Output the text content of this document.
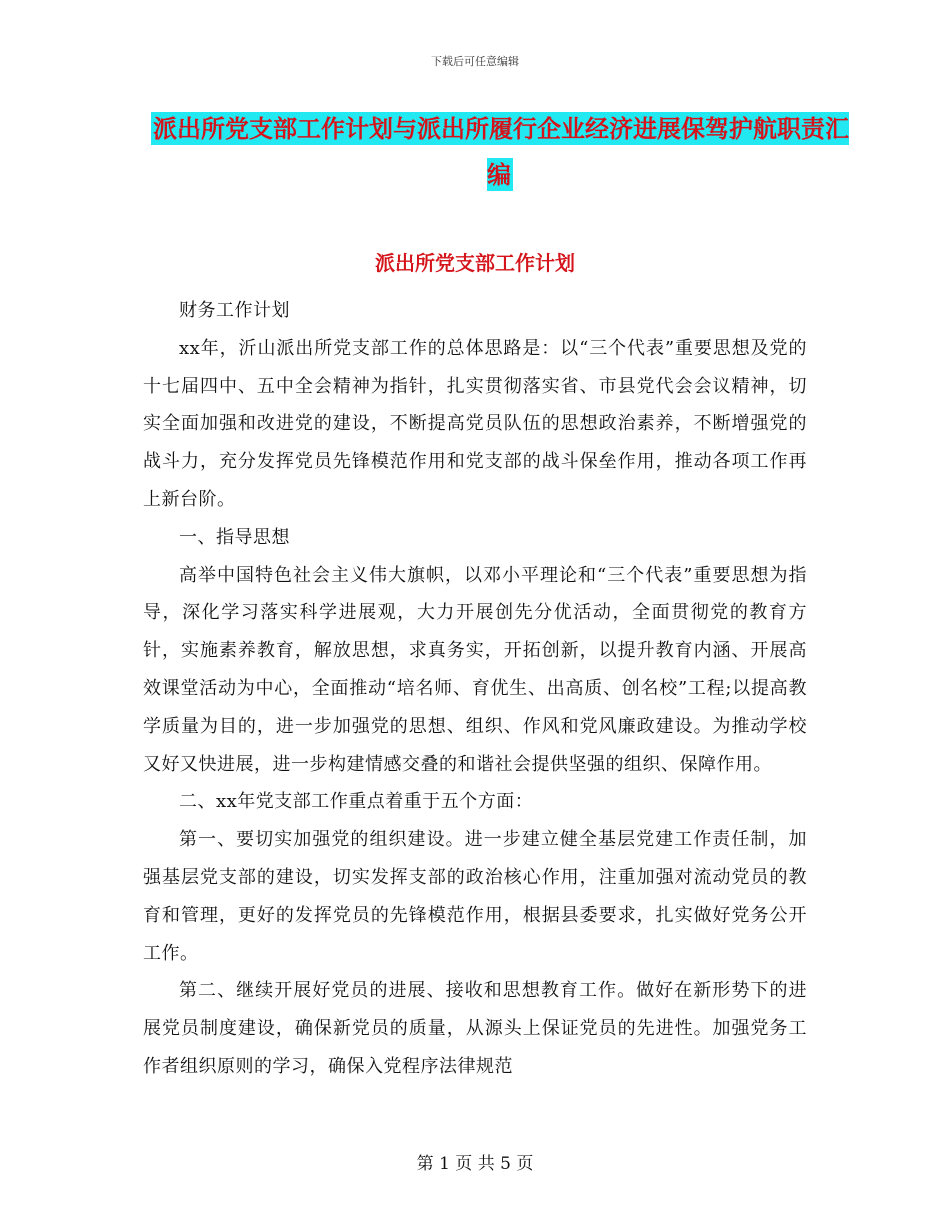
下载后可任意编辑
派出所党支部工作计划与派出所履行企业经济进展保驾护航职责汇编
派出所党支部工作计划

财务工作计划

xx年，沂山派出所党支部工作的总体思路是：以“三个代表”重要思想及党的十七届四中、五中全会精神为指针，扎实贯彻落实省、市县党代会会议精神，切实全面加强和改进党的建设，不断提高党员队伍的思想政治素养，不断增强党的战斗力，充分发挥党员先锋模范作用和党支部的战斗保垒作用，推动各项工作再上新台阶。

一、指导思想

高举中国特色社会主义伟大旗帜，以邓小平理论和“三个代表”重要思想为指导，深化学习落实科学进展观，大力开展创先分优活动，全面贯彻党的教育方针，实施素养教育，解放思想，求真务实，开拓创新，以提升教育内涵、开展高效课堂活动为中心，全面推动“培名师、育优生、出高质、创名校”工程;以提高教学质量为目的，进一步加强党的思想、组织、作风和党风廉政建设。为推动学校又好又快进展，进一步构建情感交叠的和谐社会提供坚强的组织、保障作用。

二、xx年党支部工作重点着重于五个方面：

第一、要切实加强党的组织建设。进一步建立健全基层党建工作责任制，加强基层党支部的建设，切实发挥支部的政治核心作用，注重加强对流动党员的教育和管理，更好的发挥党员的先锋模范作用，根据县委要求，扎实做好党务公开工作。

第二、继续开展好党员的进展、接收和思想教育工作。做好在新形势下的进展党员制度建设，确保新党员的质量，从源头上保证党员的先进性。加强党务工作者组织原则的学习，确保入党程序法律规范

第 1 页 共 5 页
